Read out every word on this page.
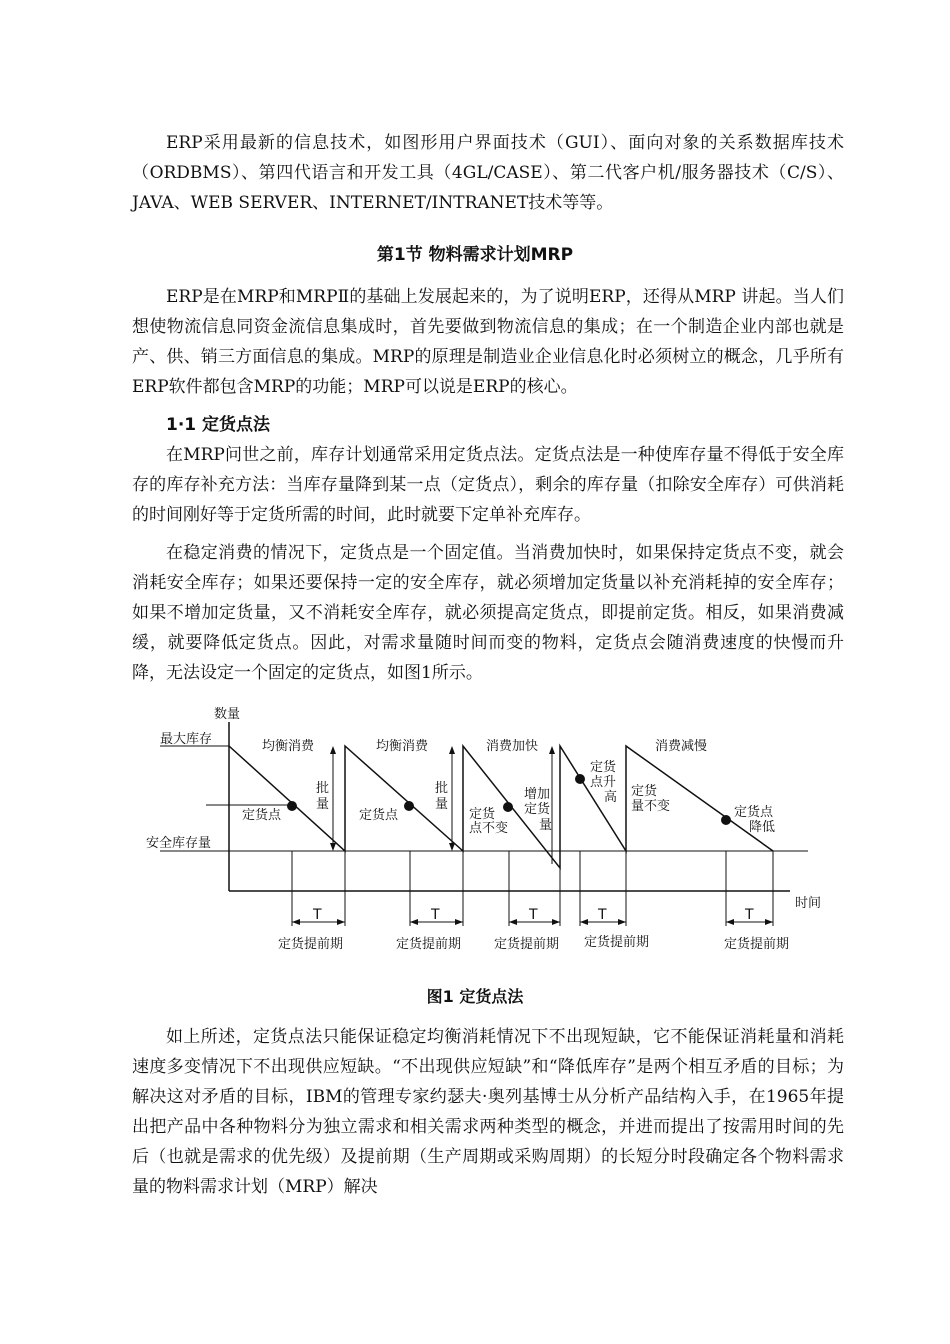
ERP采用最新的信息技术，如图形用户界面技术（GUI）、面向对象的关系数据库技术（ORDBMS）、第四代语言和开发工具（4GL/CASE）、第二代客户机/服务器技术（C/S）、JAVA、WEB SERVER、INTERNET/INTRANET技术等等。

第1节 物料需求计划MRP

ERP是在MRP和MRPⅡ的基础上发展起来的，为了说明ERP，还得从MRP 讲起。当人们想使物流信息同资金流信息集成时，首先要做到物流信息的集成；在一个制造企业内部也就是产、供、销三方面信息的集成。MRP的原理是制造业企业信息化时必须树立的概念，几乎所有ERP软件都包含MRP的功能；MRP可以说是ERP的核心。

1·1 定货点法

在MRP问世之前，库存计划通常采用定货点法。定货点法是一种使库存量不得低于安全库存的库存补充方法：当库存量降到某一点（定货点），剩余的库存量（扣除安全库存）可供消耗的时间刚好等于定货所需的时间，此时就要下定单补充库存。

在稳定消费的情况下，定货点是一个固定值。当消费加快时，如果保持定货点不变，就会消耗安全库存；如果还要保持一定的安全库存，就必须增加定货量以补充消耗掉的安全库存；如果不增加定货量，又不消耗安全库存，就必须提高定货点，即提前定货。相反，如果消费减缓，就要降低定货点。因此，对需求量随时间而变的物料，定货点会随消费速度的快慢而升降，无法设定一个固定的定货点，如图1所示。

数量
时间
最大库存
安全库存量
均衡消费	均衡消费	消费加快	消费减慢
批
量
批
量
定货点	定货点	定货
点不变
增加
定货
量
定货
点升
高 定货
量不变	定货点
降低
T
定货提前期
T
定货提前期
T
定货提前期
T
定货提前期
T
定货提前期
图1 定货点法

如上所述，定货点法只能保证稳定均衡消耗情况下不出现短缺，它不能保证消耗量和消耗速度多变情况下不出现供应短缺。“不出现供应短缺”和“降低库存”是两个相互矛盾的目标；为解决这对矛盾的目标，IBM的管理专家约瑟夫·奥列基博士从分析产品结构入手，在1965年提出把产品中各种物料分为独立需求和相关需求两种类型的概念，并进而提出了按需用时间的先后（也就是需求的优先级）及提前期（生产周期或采购周期）的长短分时段确定各个物料需求量的物料需求计划（MRP）解决
